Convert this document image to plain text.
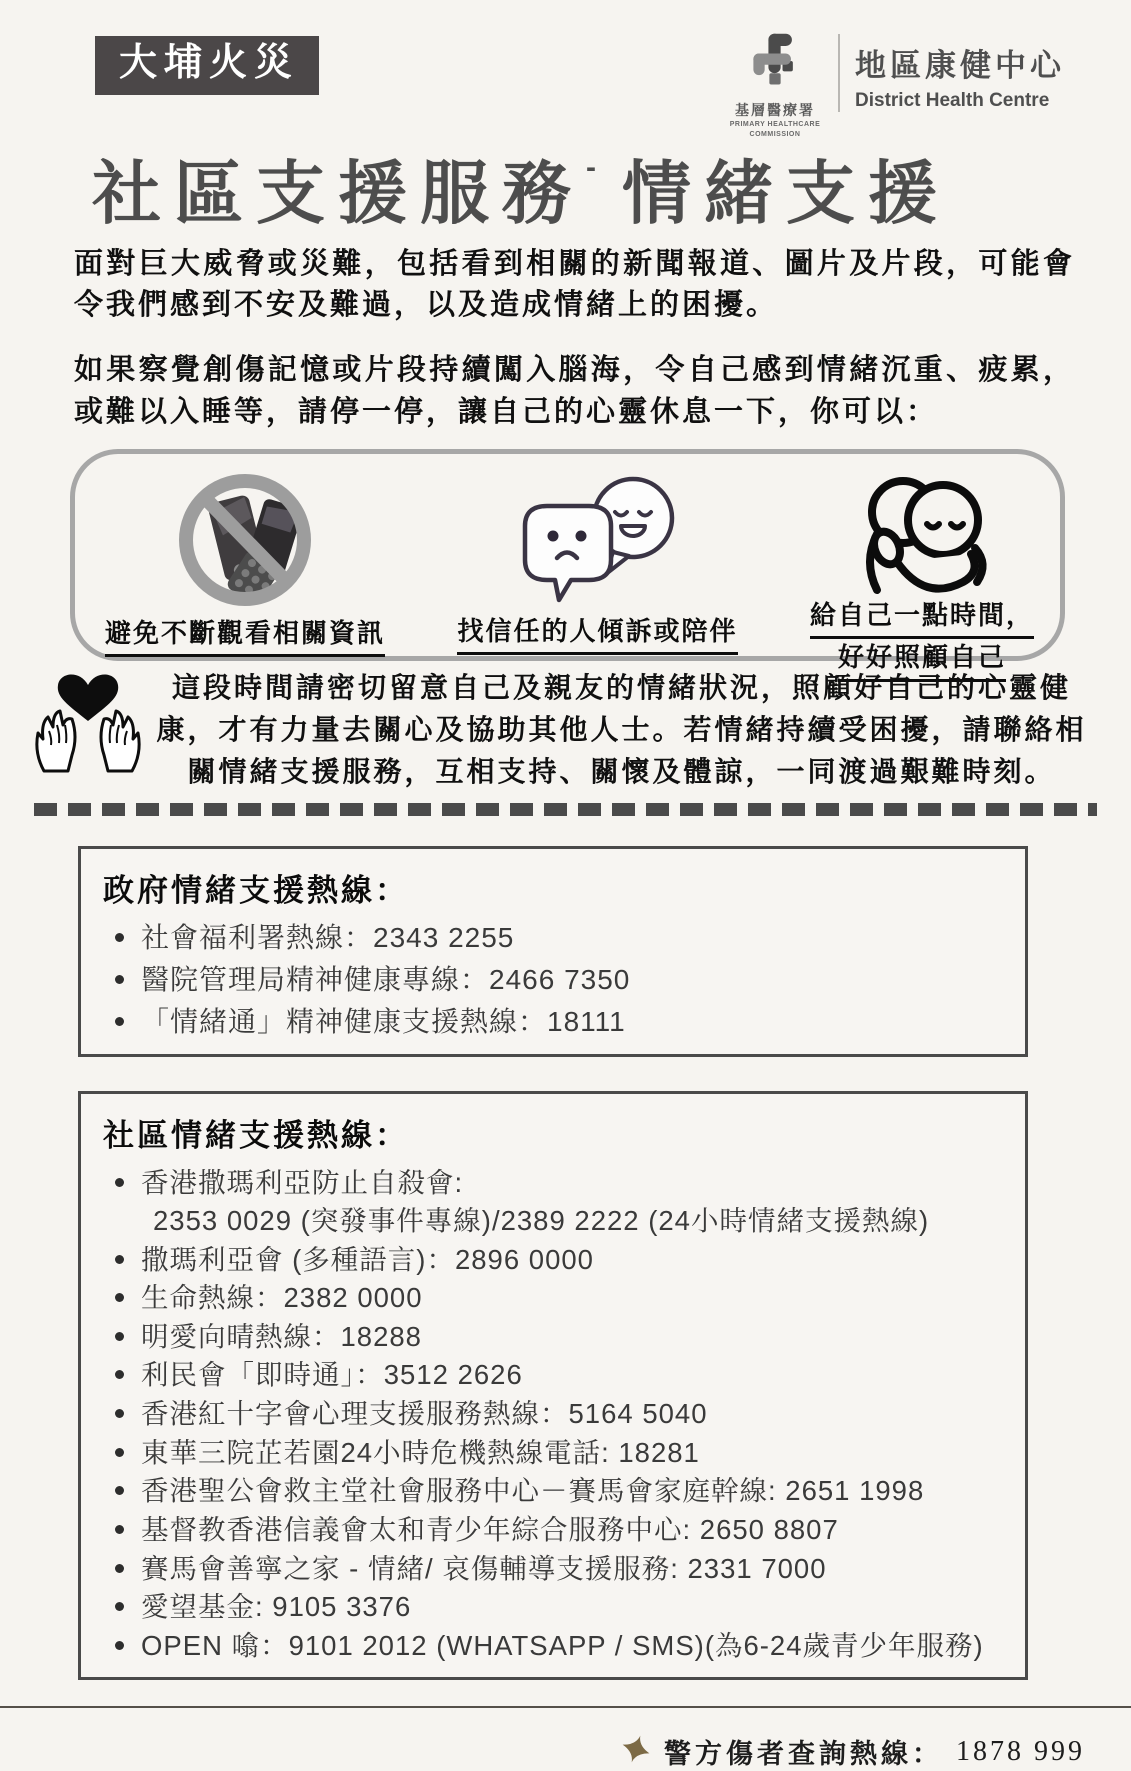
大埔火災
基層醫療署
PRIMARY HEALTHCARE
COMMISSION
地區康健中心
District Health Centre
社區支援服務- 情緒支援

面對巨大威脅或災難，包括看到相關的新聞報道、圖片及片段，可能會令我們感到不安及難過，以及造成情緒上的困擾。

如果察覺創傷記憶或片段持續闖入腦海，令自己感到情緒沉重、疲累，或難以入睡等，請停一停，讓自己的心靈休息一下，你可以：

避免不斷觀看相關資訊	找信任的人傾訴或陪伴
給自己一點時間，
好好照顧自己
這段時間請密切留意自己及親友的情緒狀況，照顧好自己的心靈健康，才有力量去關心及協助其他人士。若情緒持續受困擾，請聯絡相關情緒支援服務，互相支持、關懷及體諒，一同渡過艱難時刻。
政府情緒支援熱線：
社會福利署熱線：2343 2255
醫院管理局精神健康專線：2466 7350
「情緒通」精神健康支援熱線：18111
社區情緒支援熱線：
香港撒瑪利亞防止自殺會:
2353 0029 (突發事件專線)/2389 2222 (24小時情緒支援熱線)
撒瑪利亞會 (多種語言)：2896 0000
生命熱線：2382 0000
明愛向晴熱線：18288
利民會「即時通」：3512 2626
香港紅十字會心理支援服務熱線：5164 5040
東華三院芷若園24小時危機熱線電話: 18281
香港聖公會救主堂社會服務中心－賽馬會家庭幹線: 2651 1998
基督教香港信義會太和青少年綜合服務中心: 2650 8807
賽馬會善寧之家 - 情緒/ 哀傷輔導支援服務: 2331 7000
愛望基金: 9105 3376
OPEN 噏：9101 2012 (WHATSAPP / SMS)(為6-24歲青少年服務)
警方傷者查詢熱線： 1878 999
